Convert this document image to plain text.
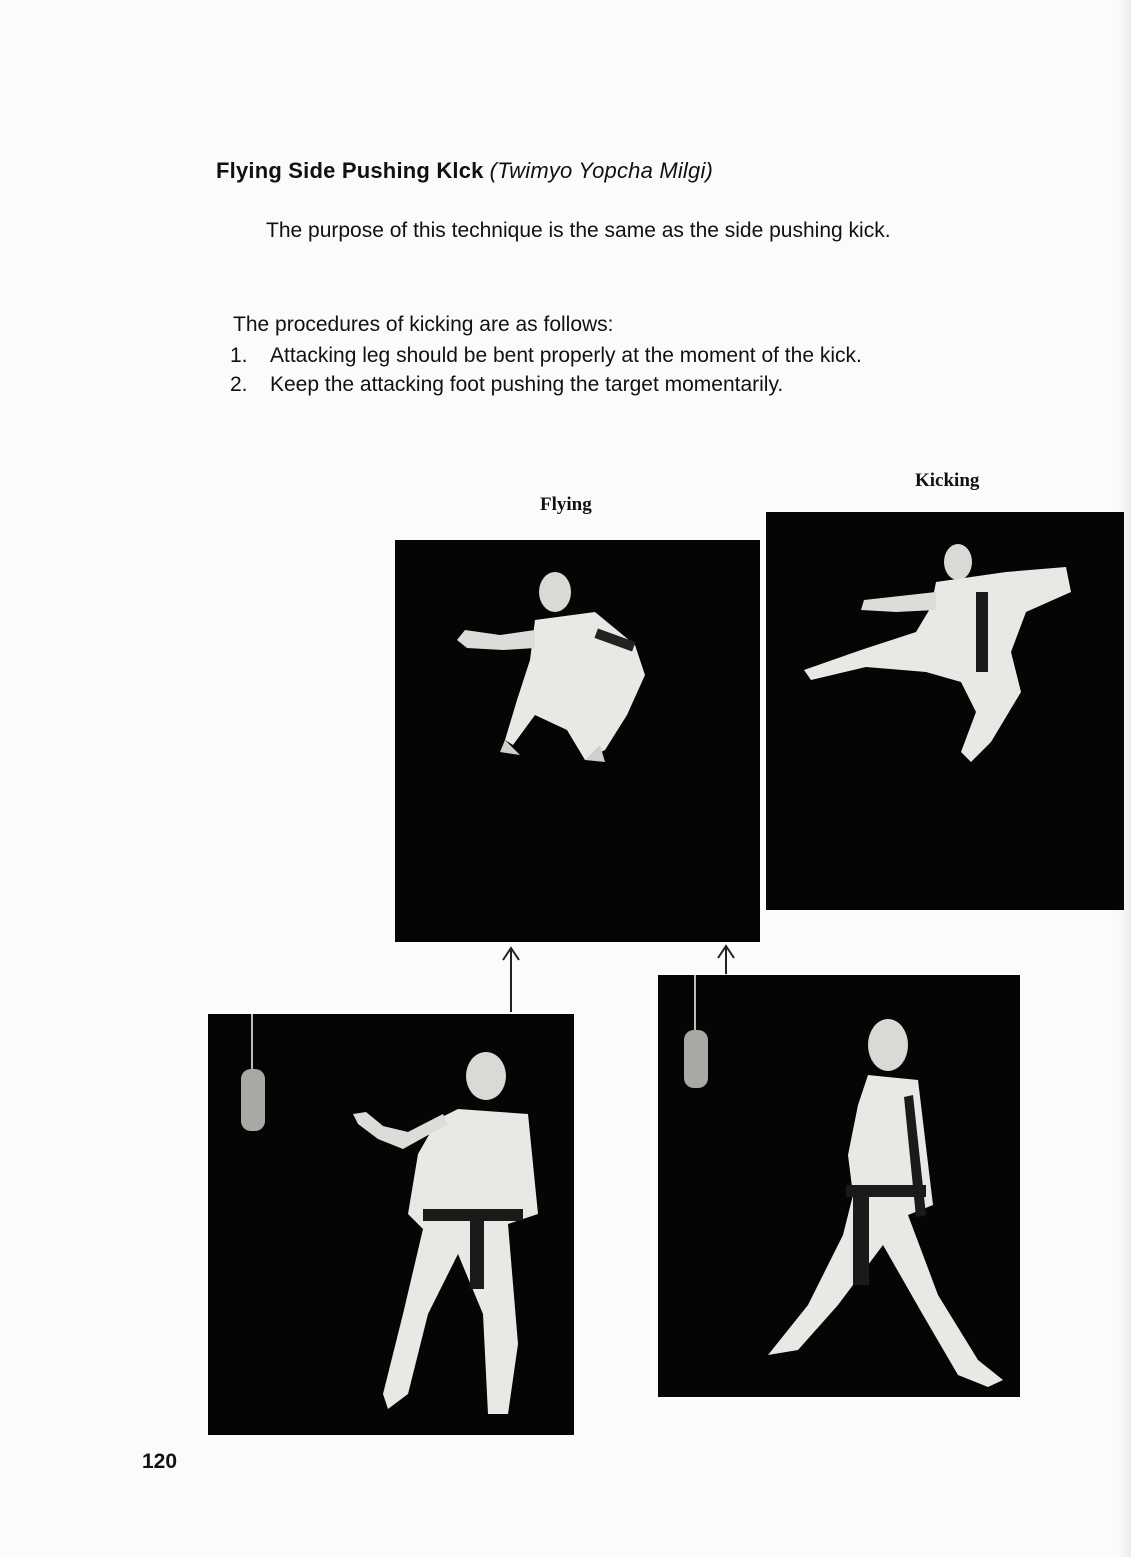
Flying Side Pushing Klck (Twimyo Yopcha Milgi)
The purpose of this technique is the same as the side pushing kick.
The procedures of kicking are as follows:
1. Attacking leg should be bent properly at the moment of the kick.
2. Keep the attacking foot pushing the target momentarily.
Flying
Kicking
120
